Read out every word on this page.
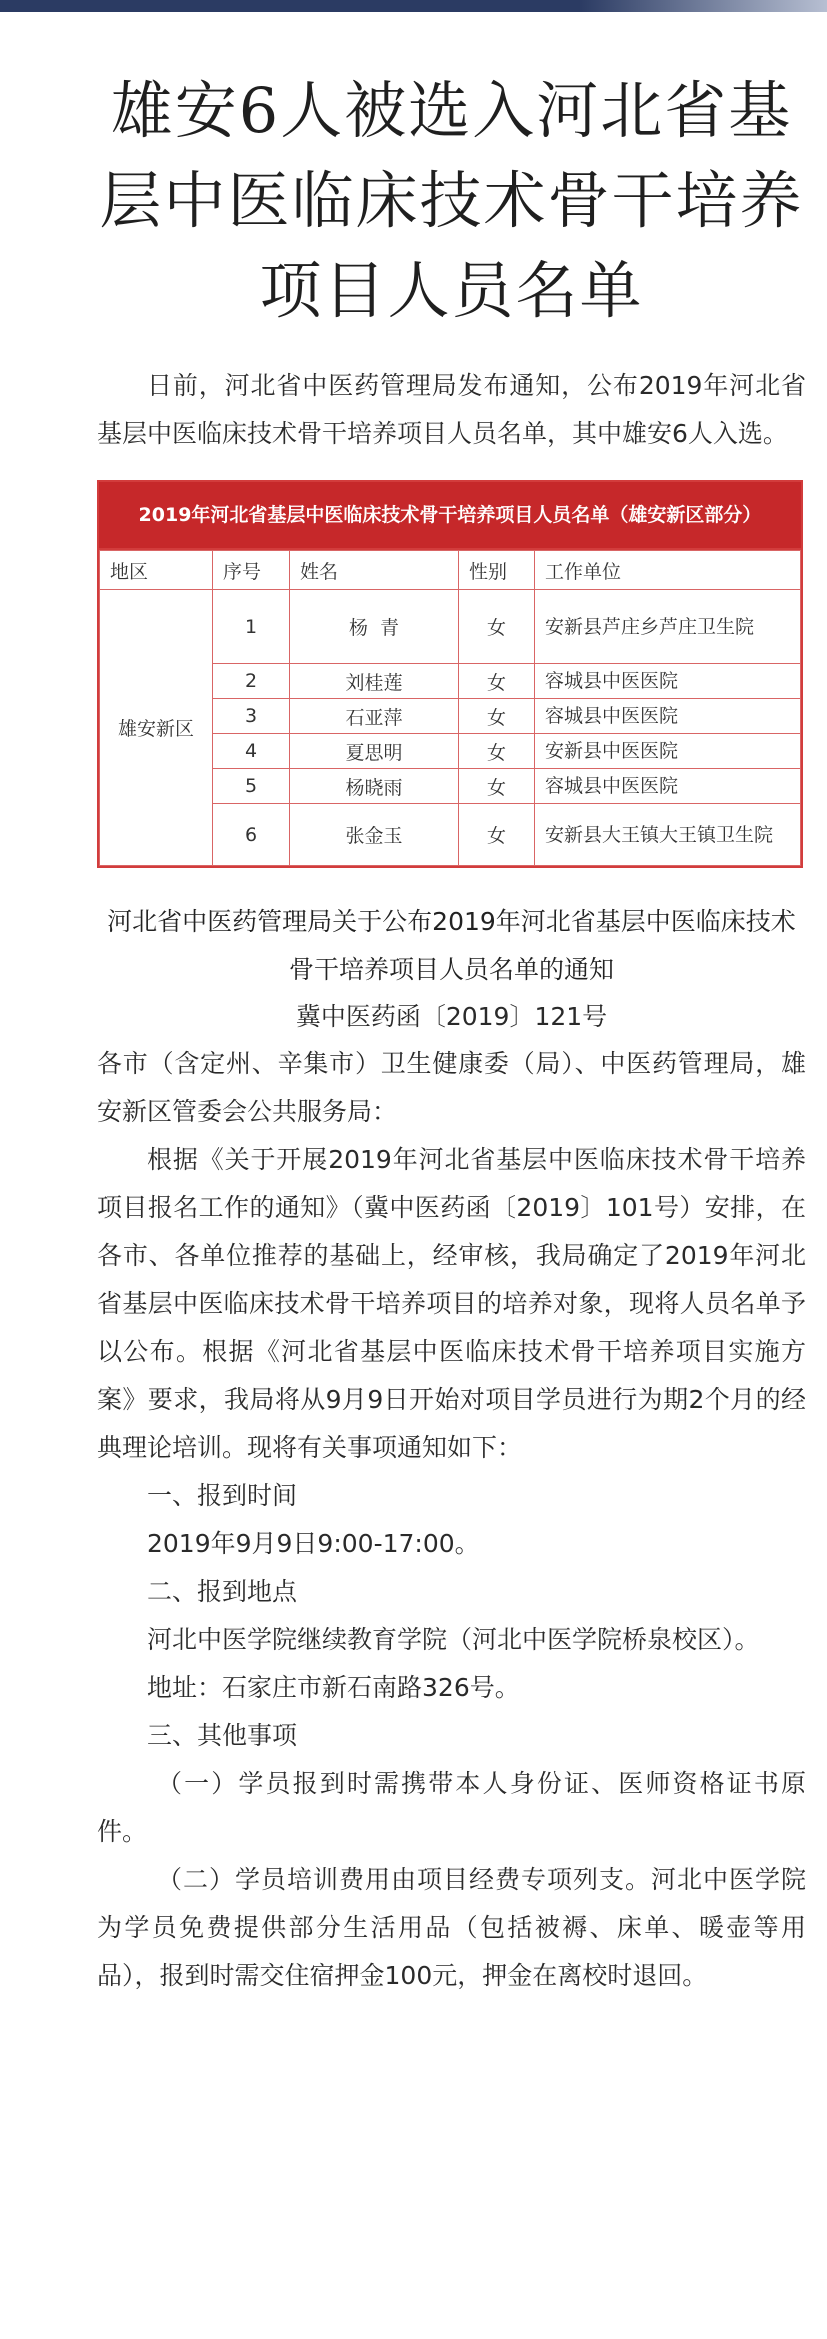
雄安6人被选入河北省基层中医临床技术骨干培养项目人员名单

日前，河北省中医药管理局发布通知，公布2019年河北省基层中医临床技术骨干培养项目人员名单，其中雄安6人入选。

2019年河北省基层中医临床技术骨干培养项目人员名单（雄安新区部分）
地区	序号	姓名	性别	工作单位
雄安新区	1	杨  青	女	安新县芦庄乡芦庄卫生院
	2	刘桂莲	女	容城县中医医院
	3	石亚萍	女	容城县中医医院
	4	夏思明	女	安新县中医医院
	5	杨晓雨	女	容城县中医医院
	6	张金玉	女	安新县大王镇大王镇卫生院
河北省中医药管理局关于公布2019年河北省基层中医临床技术骨干培养项目人员名单的通知
冀中医药函〔2019〕121号

各市（含定州、辛集市）卫生健康委（局）、中医药管理局，雄安新区管委会公共服务局：

根据《关于开展2019年河北省基层中医临床技术骨干培养项目报名工作的通知》（冀中医药函〔2019〕101号）安排，在各市、各单位推荐的基础上，经审核，我局确定了2019年河北省基层中医临床技术骨干培养项目的培养对象，现将人员名单予以公布。根据《河北省基层中医临床技术骨干培养项目实施方案》要求，我局将从9月9日开始对项目学员进行为期2个月的经典理论培训。现将有关事项通知如下：

一、报到时间

2019年9月9日9:00-17:00。

二、报到地点

河北中医学院继续教育学院（河北中医学院桥泉校区）。

地址：石家庄市新石南路326号。

三、其他事项

（一）学员报到时需携带本人身份证、医师资格证书原件。

（二）学员培训费用由项目经费专项列支。河北中医学院为学员免费提供部分生活用品（包括被褥、床单、暖壶等用品），报到时需交住宿押金100元，押金在离校时退回。
